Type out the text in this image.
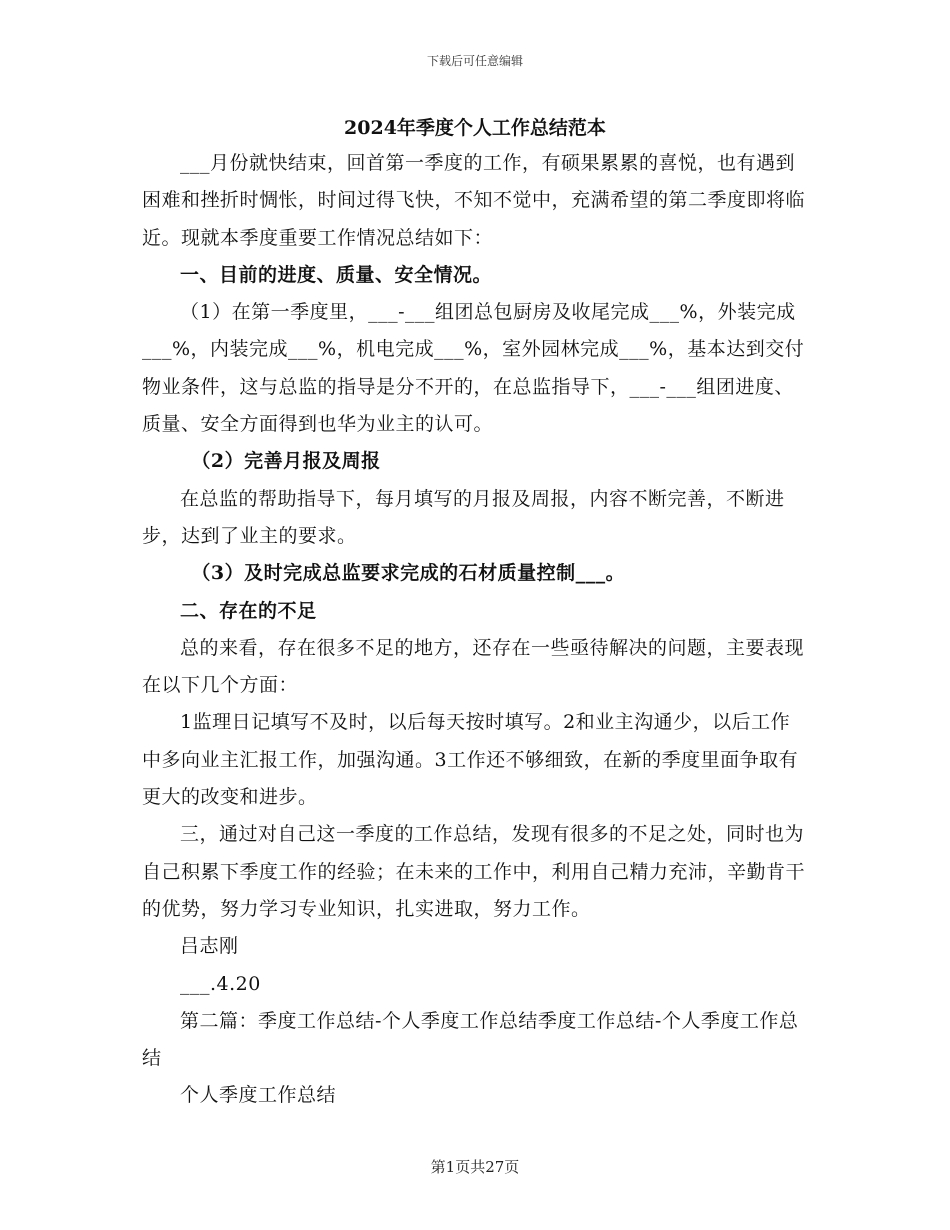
下载后可任意编辑
2024年季度个人工作总结范本

___月份就快结束，回首第一季度的工作，有硕果累累的喜悦，也有遇到困难和挫折时惆怅，时间过得飞快，不知不觉中，充满希望的第二季度即将临近。现就本季度重要工作情况总结如下：

一、目前的进度、质量、安全情况。

（1）在第一季度里，___-___组团总包厨房及收尾完成___%，外装完成___%，内装完成___%，机电完成___%，室外园林完成___%，基本达到交付物业条件，这与总监的指导是分不开的，在总监指导下，___-___组团进度、质量、安全方面得到也华为业主的认可。

（2）完善月报及周报

在总监的帮助指导下，每月填写的月报及周报，内容不断完善，不断进步，达到了业主的要求。

（3）及时完成总监要求完成的石材质量控制___。

二、存在的不足

总的来看，存在很多不足的地方，还存在一些亟待解决的问题，主要表现在以下几个方面：

1监理日记填写不及时，以后每天按时填写。2和业主沟通少，以后工作中多向业主汇报工作，加强沟通。3工作还不够细致，在新的季度里面争取有更大的改变和进步。

三，通过对自己这一季度的工作总结，发现有很多的不足之处，同时也为自己积累下季度工作的经验；在未来的工作中，利用自己精力充沛，辛勤肯干的优势，努力学习专业知识，扎实进取，努力工作。

吕志刚

___.4.20

第二篇：季度工作总结-个人季度工作总结季度工作总结-个人季度工作总结

个人季度工作总结

第1页共27页
